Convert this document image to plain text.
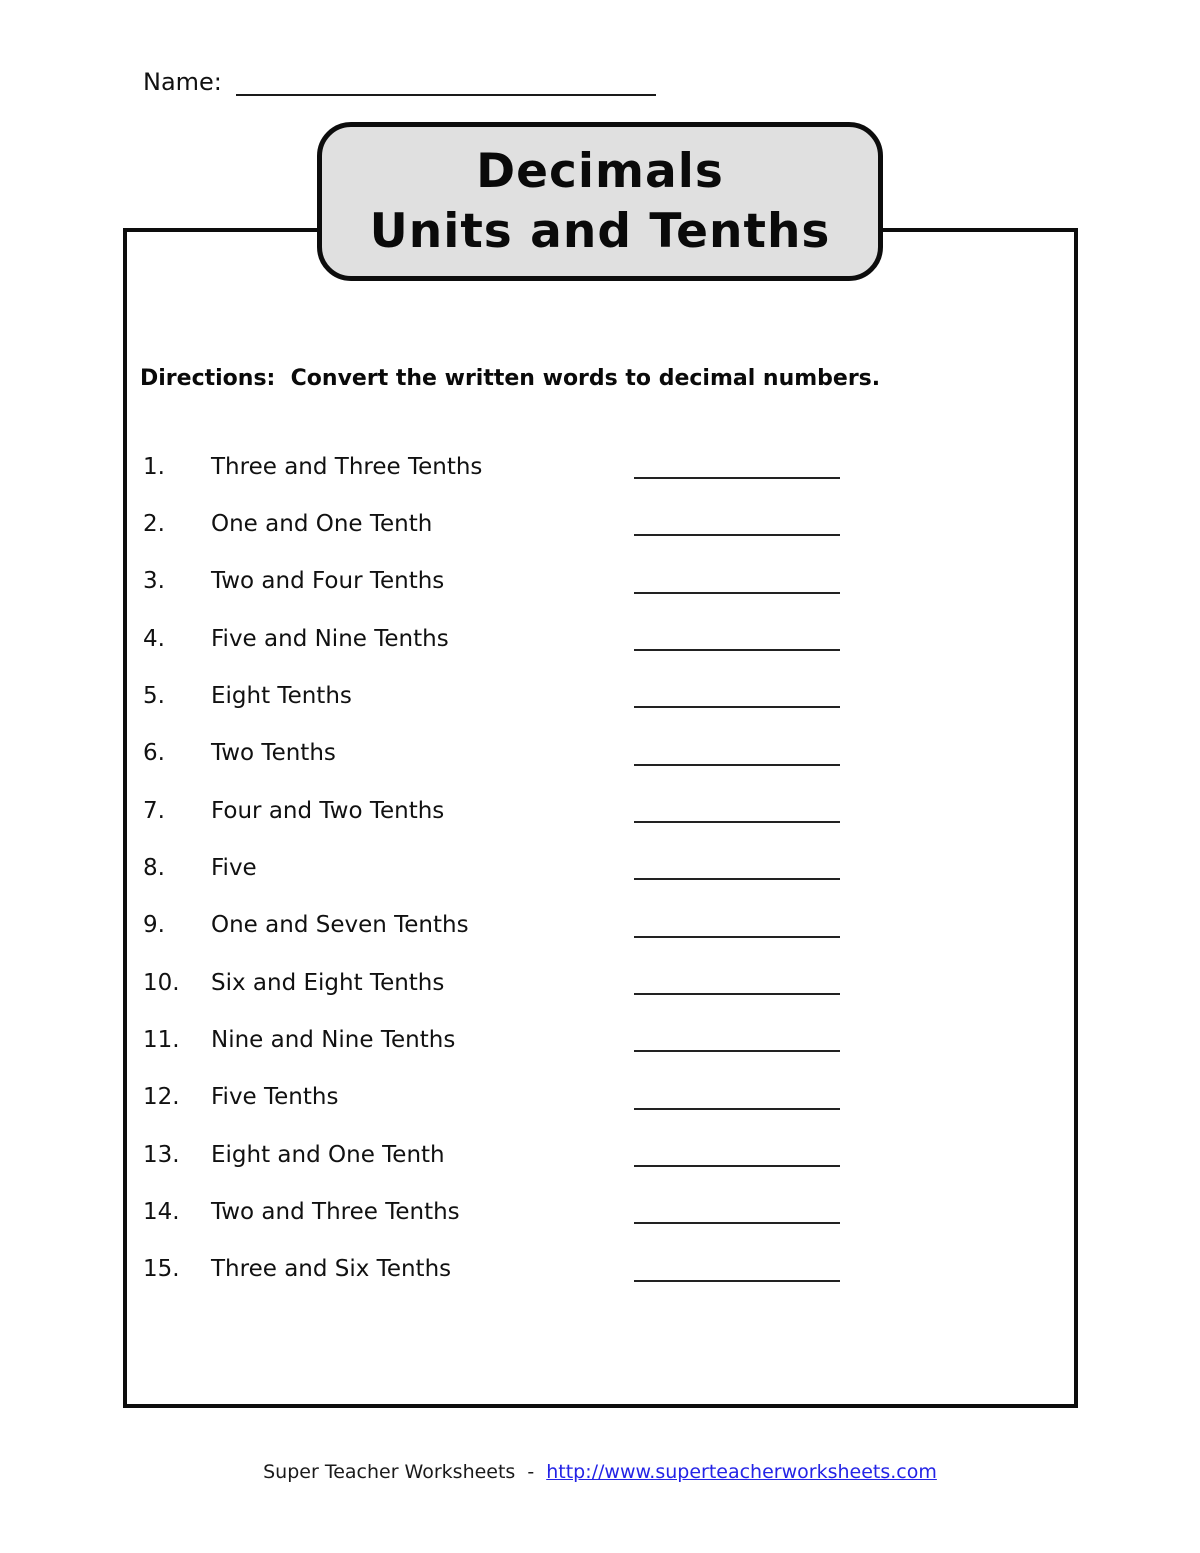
Name:
Decimals
Units and Tenths
Directions:  Convert the written words to decimal numbers.
1.	Three and Three Tenths
2.	One and One Tenth
3.	Two and Four Tenths
4.	Five and Nine Tenths
5.	Eight Tenths
6.	Two Tenths
7.	Four and Two Tenths
8.	Five
9.	One and Seven Tenths
10.	Six and Eight Tenths
11.	Nine and Nine Tenths
12.	Five Tenths
13.	Eight and One Tenth
14.	Two and Three Tenths
15.	Three and Six Tenths
Super Teacher Worksheets - http://www.superteacherworksheets.com
